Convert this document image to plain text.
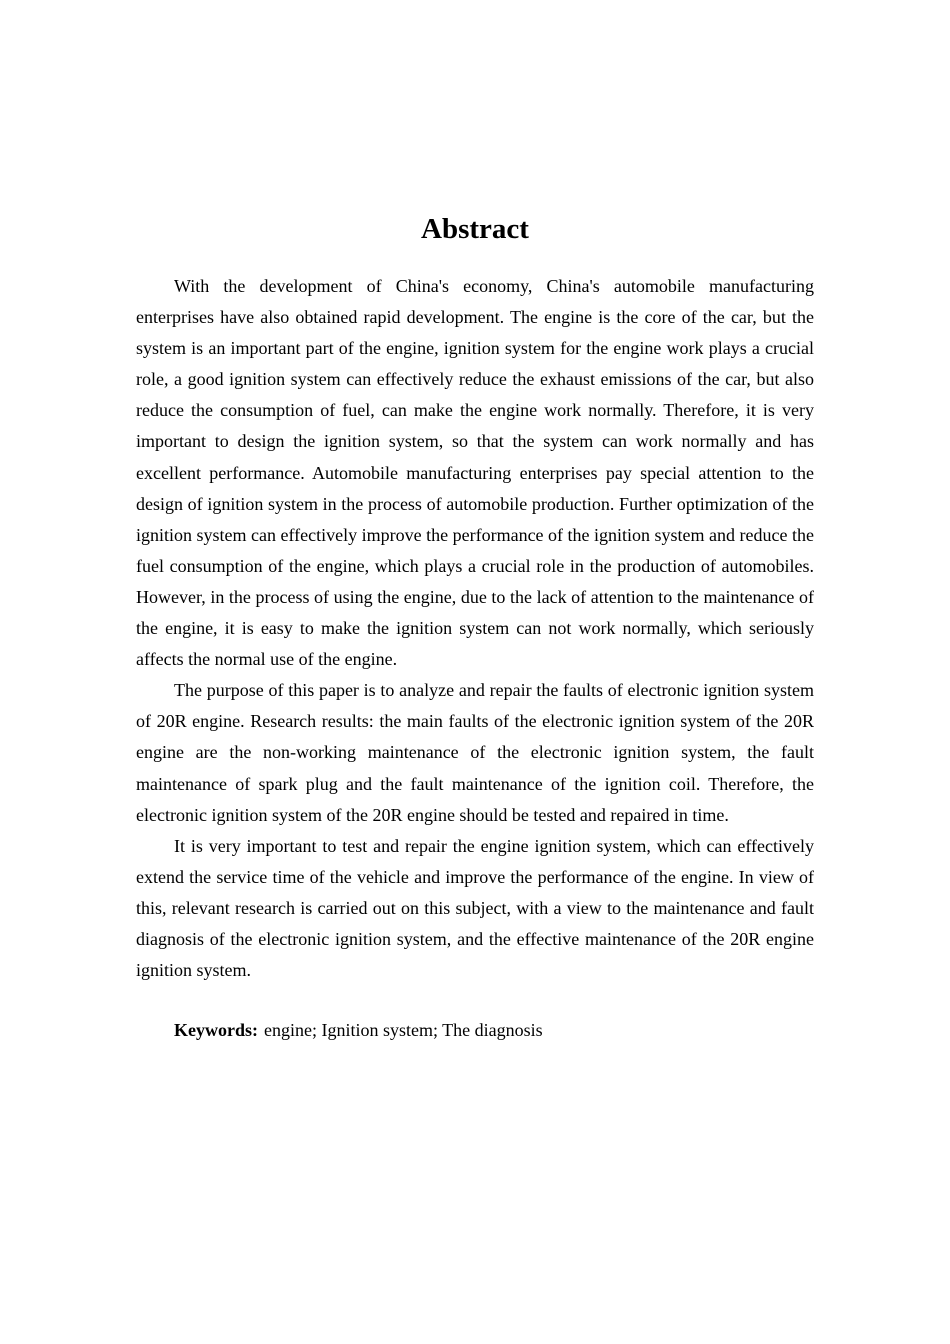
Abstract

With the development of China's economy, China's automobile manufacturing enterprises have also obtained rapid development. The engine is the core of the car, but the system is an important part of the engine, ignition system for the engine work plays a crucial role, a good ignition system can effectively reduce the exhaust emissions of the car, but also reduce the consumption of fuel, can make the engine work normally. Therefore, it is very important to design the ignition system, so that the system can work normally and has excellent performance. Automobile manufacturing enterprises pay special attention to the design of ignition system in the process of automobile production. Further optimization of the ignition system can effectively improve the performance of the ignition system and reduce the fuel consumption of the engine, which plays a crucial role in the production of automobiles. However, in the process of using the engine, due to the lack of attention to the maintenance of the engine, it is easy to make the ignition system can not work normally, which seriously affects the normal use of the engine.

The purpose of this paper is to analyze and repair the faults of electronic ignition system of 20R engine. Research results: the main faults of the electronic ignition system of the 20R engine are the non-working maintenance of the electronic ignition system, the fault maintenance of spark plug and the fault maintenance of the ignition coil. Therefore, the electronic ignition system of the 20R engine should be tested and repaired in time.

It is very important to test and repair the engine ignition system, which can effectively extend the service time of the vehicle and improve the performance of the engine. In view of this, relevant research is carried out on this subject, with a view to the maintenance and fault diagnosis of the electronic ignition system, and the effective maintenance of the 20R engine ignition system.

Keywords: engine; Ignition system; The diagnosis
